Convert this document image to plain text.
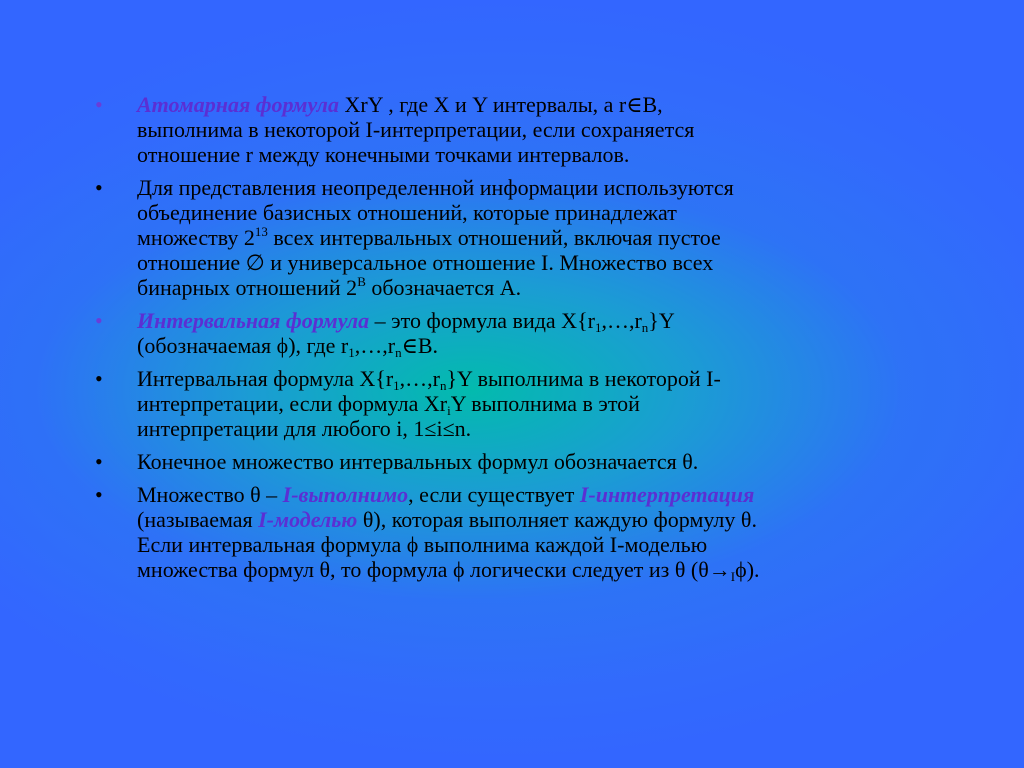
• Атомарная формула XrY , где X и Y интервалы, а r∈B,
выполнима в некоторой I-интерпретации, если сохраняется
отношение r между конечными точками интервалов.
• Для представления неопределенной информации используются
объединение базисных отношений, которые принадлежат
множеству $2^{13}$ всех интервальных отношений, включая пустое
отношение ∅ и универсальное отношение I. Множество всех
бинарных отношений $2^B$ обозначается A.
• Интервальная формула – это формула вида $X\{r_1,\dots,r_n\}Y$
(обозначаемая ϕ), где $r_1,\dots,r_n\in B$.
• Интервальная формула $X\{r_1,\dots,r_n\}Y$ выполнима в некоторой I-
интерпретации, если формула $Xr_iY$ выполнима в этой
интерпретации для любого i, 1≤i≤n.
• Конечное множество интервальных формул обозначается θ.
• Множество θ – I-выполнимо, если существует I-интерпретация
(называемая I-моделью θ), которая выполняет каждую формулу θ.
Если интервальная формула ϕ выполнима каждой I-моделью
множества формул θ, то формула ϕ логически следует из θ $(\theta\to_I\phi)$.
